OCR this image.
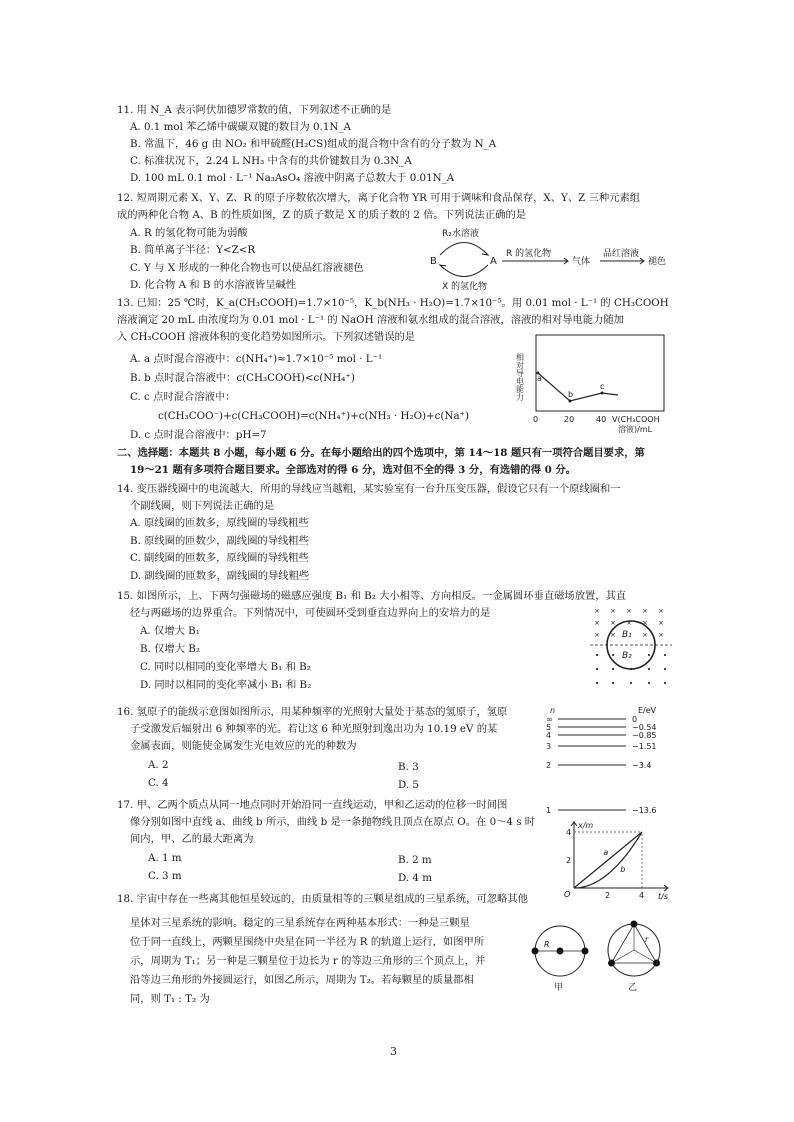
11. 用 N_A 表示阿伏加德罗常数的值，下列叙述不正确的是
A. 0.1 mol 苯乙烯中碳碳双键的数目为 0.1N_A
B. 常温下，46 g 由 NO₂ 和甲硫醛(H₂CS)组成的混合物中含有的分子数为 N_A
C. 标准状况下，2.24 L NH₃ 中含有的共价键数目为 0.3N_A
D. 100 mL 0.1 mol · L⁻¹ Na₃AsO₄ 溶液中阴离子总数大于 0.01N_A
12. 短周期元素 X、Y、Z、R 的原子序数依次增大，离子化合物 YR 可用于调味和食品保存，X、Y、Z 三种元素组
成的两种化合物 A、B 的性质如图，Z 的质子数是 X 的质子数的 2 倍。下列说法正确的是
A. R 的氢化物可能为弱酸
B. 简单离子半径：Y<Z<R
C. Y 与 X 形成的一种化合物也可以使品红溶液褪色
D. 化合物 A 和 B 的水溶液皆呈碱性
B	A
R₂水溶液
X 的氢化物
R 的氢化物
气体
品红溶液
褪色
13. 已知：25 ℃时，K_a(CH₃COOH)=1.7×10⁻⁵，K_b(NH₃ · H₂O)=1.7×10⁻⁵。用 0.01 mol · L⁻¹ 的 CH₃COOH
溶液滴定 20 mL 由浓度均为 0.01 mol · L⁻¹ 的 NaOH 溶液和氨水组成的混合溶液，溶液的相对导电能力随加
入 CH₃COOH 溶液体积的变化趋势如图所示。下列叙述错误的是
A. a 点时混合溶液中：c(NH₄⁺)≈1.7×10⁻⁵ mol · L⁻¹
B. b 点时混合溶液中：c(CH₃COOH)<c(NH₄⁺)
C. c 点时混合溶液中：
c(CH₃COO⁻)+c(CH₃COOH)=c(NH₄⁺)+c(NH₃ · H₂O)+c(Na⁺)
D. c 点时混合溶液中：pH=7
相对导电能力 a
b
c
0	20	40 V(CH₃COOH
溶液)/mL
二、选择题：本题共 8 小题，每小题 6 分。在每小题给出的四个选项中，第 14～18 题只有一项符合题目要求，第
19～21 题有多项符合题目要求。全部选对的得 6 分，选对但不全的得 3 分，有选错的得 0 分。
14. 变压器线圈中的电流越大，所用的导线应当越粗，某实验室有一台升压变压器，假设它只有一个原线圈和一
个副线圈，则下列说法正确的是
A. 原线圈的匝数多，原线圈的导线粗些
B. 原线圈的匝数少，副线圈的导线粗些
C. 副线圈的匝数多，原线圈的导线粗些
D. 副线圈的匝数多，副线圈的导线粗些
15. 如图所示，上、下两匀强磁场的磁感应强度 B₁ 和 B₂ 大小相等、方向相反。一金属圆环垂直磁场放置，其直
径与两磁场的边界重合。下列情况中，可使圆环受到垂直边界向上的安培力的是
A. 仅增大 B₁
B. 仅增大 B₂
C. 同时以相同的变化率增大 B₁ 和 B₂
D. 同时以相同的变化率减小 B₁ 和 B₂
× × × × ×
× × × × ×
× ×	× ×
B₁
B₂
16. 氢原子的能级示意图如图所示，用某种频率的光照射大量处于基态的氢原子，氢原
子受激发后辐射出 6 种频率的光。若让这 6 种光照射到逸出功为 10.19 eV 的某
金属表面，则能使金属发生光电效应的光的种数为
A. 2	B. 3
C. 4	D. 5
n	E/eV
∞	0
5	−0.54
4	−0.85
3	−1.51
2	−3.4
1	−13.6
17. 甲、乙两个质点从同一地点同时开始沿同一直线运动，甲和乙运动的位移一时间图
像分别如图中直线 a、曲线 b 所示，曲线 b 是一条抛物线且顶点在原点 O。在 0～4 s 时
间内，甲、乙的最大距离为
A. 1 m	B. 2 m
C. 3 m	D. 4 m
x/m
t/s
O	2	4
2
4
a
b
18. 宇宙中存在一些离其他恒星较远的，由质量相等的三颗星组成的三星系统，可忽略其他
星体对三星系统的影响。稳定的三星系统存在两种基本形式：一种是三颗星
位于同一直线上，两颗星围绕中央星在同一半径为 R 的轨道上运行，如图甲所
示，周期为 T₁；另一种是三颗星位于边长为 r 的等边三角形的三个顶点上，并
沿等边三角形的外接圆运行，如图乙所示，周期为 T₂。若每颗星的质量都相
同，则 T₁ : T₂ 为
R
甲
r
乙
3
